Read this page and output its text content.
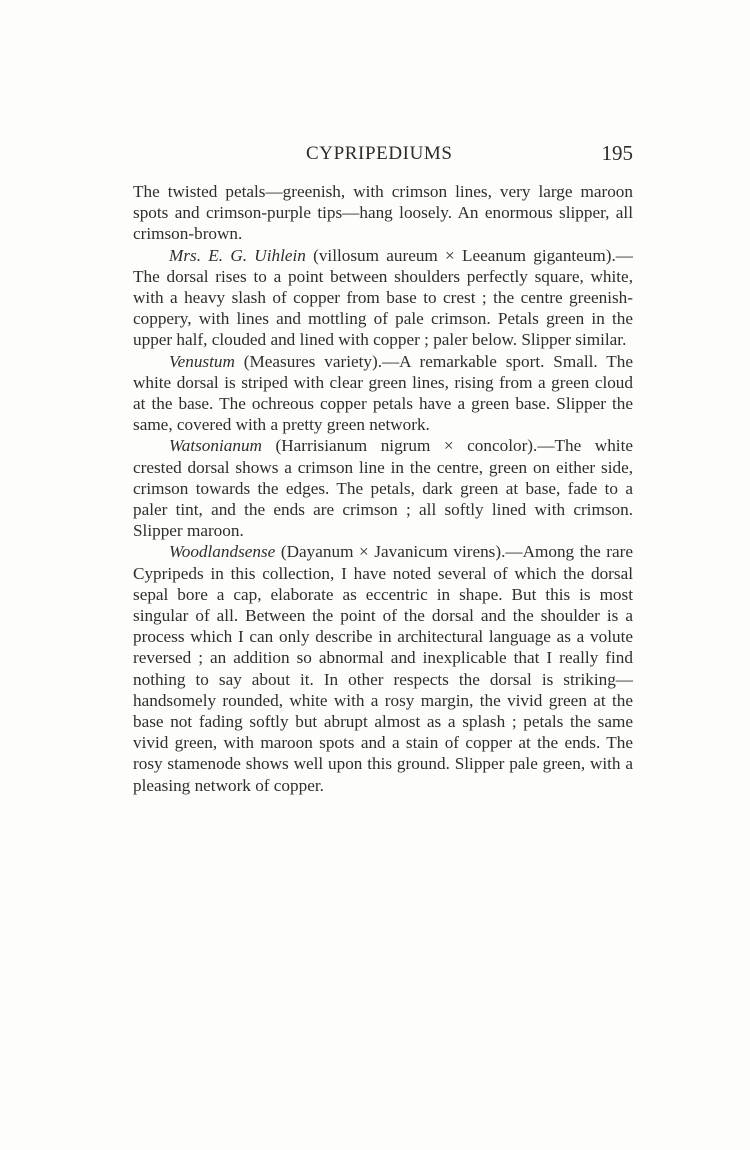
CYPRIPEDIUMS	195

The twisted petals—greenish, with crimson lines, very large maroon spots and crimson-purple tips—hang loosely. An enormous slipper, all crimson-brown.

Mrs. E. G. Uihlein (villosum aureum × Leeanum giganteum).—The dorsal rises to a point between shoulders perfectly square, white, with a heavy slash of copper from base to crest ; the centre greenish-coppery, with lines and mottling of pale crimson. Petals green in the upper half, clouded and lined with copper ; paler below. Slipper similar.

Venustum (Measures variety).—A remarkable sport. Small. The white dorsal is striped with clear green lines, rising from a green cloud at the base. The ochreous copper petals have a green base. Slipper the same, covered with a pretty green network.

Watsonianum (Harrisianum nigrum × concolor).—The white crested dorsal shows a crimson line in the centre, green on either side, crimson towards the edges. The petals, dark green at base, fade to a paler tint, and the ends are crimson ; all softly lined with crimson. Slipper maroon.

Woodlandsense (Dayanum × Javanicum virens).—Among the rare Cypripeds in this collection, I have noted several of which the dorsal sepal bore a cap, elaborate as eccentric in shape. But this is most singular of all. Between the point of the dorsal and the shoulder is a process which I can only describe in architectural language as a volute reversed ; an addition so abnormal and inexplicable that I really find nothing to say about it. In other respects the dorsal is striking—handsomely rounded, white with a rosy margin, the vivid green at the base not fading softly but abrupt almost as a splash ; petals the same vivid green, with maroon spots and a stain of copper at the ends. The rosy stamenode shows well upon this ground. Slipper pale green, with a pleasing network of copper.
